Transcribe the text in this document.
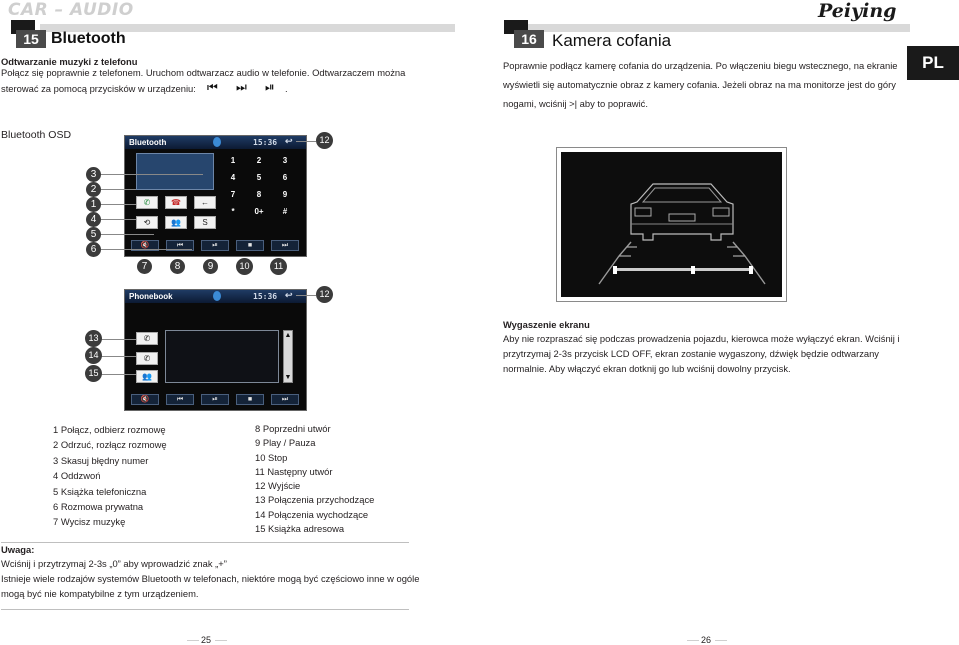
CAR – AUDIO	Peiying
15 Bluetooth
Odtwarzanie muzyki z telefonu
Połącz się poprawnie z telefonem. Uruchom odtwarzacz audio w telefonie. Odtwarzaczem można
sterować za pomocą przycisków w urządzeniu: ⏮ ⏭ ⏯ .
Bluetooth OSD
16 Kamera cofania
PL
Poprawnie podłącz kamerę cofania do urządzenia. Po włączeniu biegu wstecznego, na ekranie
wyświetli się automatycznie obraz z kamery cofania. Jeżeli obraz na ma monitorze jest do góry
nogami, wciśnij >| aby to poprawić.
Bluetooth	15:36 ↩
1	2	3
4	5	6
7	8	9
*	0+	#
✆	☎	←
⟲	👥	S
🔇	⏮	⏯	■	⏭
3
2
1
4
5
6
7	8	9	10	11
12
Phonebook	15:36 ↩
✆
✆
👥
▲
▼
🔇	⏮	⏯	■	⏭
12
13
14
15
Wygaszenie ekranu
Aby nie rozpraszać się podczas prowadzenia pojazdu, kierowca może wyłączyć ekran. Wciśnij i
przytrzymaj 2-3s przycisk LCD OFF, ekran zostanie wygaszony, dźwięk będzie odtwarzany
normalnie. Aby włączyć ekran dotknij go lub wciśnij dowolny przycisk.
1 Połącz, odbierz rozmowę
2 Odrzuć, rozłącz rozmowę
3 Skasuj błędny numer
4 Oddzwoń
5 Książka telefoniczna
6 Rozmowa prywatna
7 Wycisz muzykę
8 Poprzedni utwór
9 Play / Pauza
10 Stop
11 Następny utwór
12 Wyjście
13 Połączenia przychodzące
14 Połączenia wychodzące
15 Książka adresowa
Uwaga:
Wciśnij i przytrzymaj 2-3s „0” aby wprowadzić znak „+”
Istnieje wiele rodzajów systemów Bluetooth w telefonach, niektóre mogą być częściowo inne w ogóle
mogą być nie kompatybilne z tym urządzeniem.
25	26
